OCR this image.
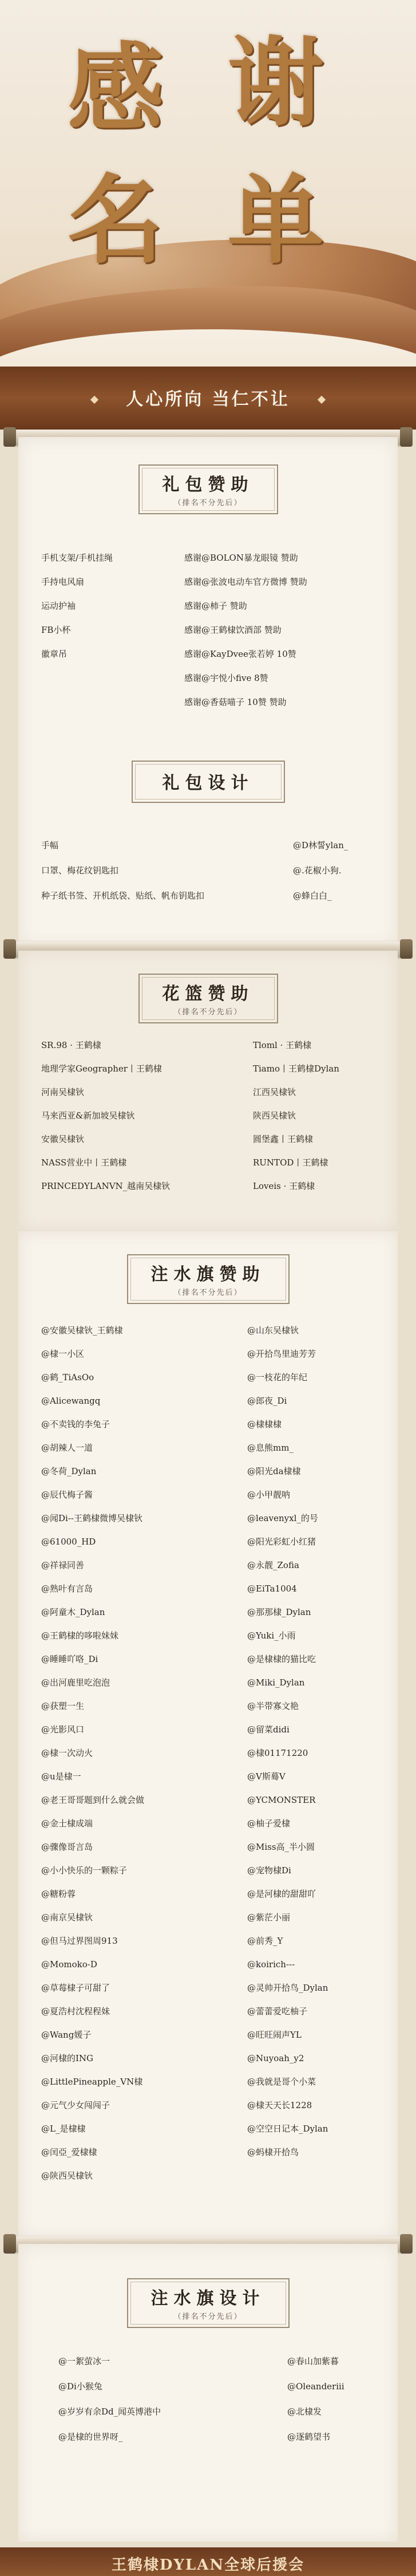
感 谢
名 单
人心所向 当仁不让
礼包赞助
（排名不分先后）
手机支架/手机挂绳
手持电风扇
运动护袖
FB小杯
徽章吊
感谢@BOLON暴龙眼镜 赞助
感谢@张波电动车官方微博 赞助
感谢@柿子 赞助
感谢@王鹤棣饮酒部 赞助
感谢@KayDvee张若婷 10赞
感谢@宇悦小five 8赞
感谢@香菇喵子 10赞 赞助
礼包设计
手幅
口罩、梅花纹钥匙扣
种子纸书签、开机纸袋、贴纸、帆布钥匙扣
@D林誓ylan_
@.花椒小狗.
@蜂白白_
花篮赞助
（排名不分先后）
SR.98 · 王鹤棣
地理学家Geographer丨王鹤棣
河南吴棣钬
马来西亚&新加坡吴棣钬
安徽吴棣钬
NASS营业中丨王鹤棣
PRINCEDYLANVN_越南吴棣钬
Tloml · 王鹤棣
Tiamo丨王鹤棣Dylan
江西吴棣钬
陕西吴棣钬
圆堡鑫丨王鹤棣
RUNTOD丨王鹤棣
Loveis · 王鹤棣
注水旗赞助
（排名不分先后）
@安徽吴棣钬_王鹤棣
@棣一小区
@鹤_TiAsOo
@Alicewangq
@不卖钱的李兔子
@胡辣人一道
@冬荷_Dylan
@辰代梅子酱
@闻Di--王鹤棣微博吴棣钬
@61000_HD
@祥禄同善
@熟叶有言岛
@阿童木_Dylan
@王鹤棣的哆啦妹妹
@睡睡吖咯_Di
@出河鹿里吃泡泡
@获塑一生
@光影风口
@棣一次动火
@u是棣一
@老王哥哥题到什么就会做
@金士棣成端
@骤像哥言岛
@小小快乐的一颗粽子
@糖粉蓉
@南京吴棣钬
@但马过界图周913
@Momoko-D
@草莓棣子可甜了
@夏浩村沈程程妹
@Wang媛子
@河棣的ING
@LittlePineapple_VN棣
@元气少女闯闯子
@L_是棣棣
@闰亞_爱棣棣
@陕西吴棣钬
@山东吴棣钬
@开拾鸟里迪芳芳
@一枝花的年纪
@郎夜_Di
@棣棣棣
@息熊mm_
@阳光da棣棣
@小甲靓呐
@leavenyxl_的号
@阳光彩虹小红猪
@永靓_Zofia
@EiTa1004
@那那棣_Dylan
@Yuki_小雨
@是棣棣的猫比吃
@Miki_Dylan
@半带寡文艳
@留菜didi
@棣01171220
@V斯蓦V
@YCMONSTER
@柚子爱棣
@Miss高_半小圆
@宠物棣Di
@是河棣的甜甜吖
@紫茫小丽
@前秀_Y
@koirich---
@灵帅开拾鸟_Dylan
@蕾蕾爱吃柚子
@旺旺闹声YL
@Nuyoah_y2
@我就是哥个小菜
@棣天天长1228
@空空日记本_Dylan
@蚂棣开拾鸟
注水旗设计
（排名不分先后）
@一絮萤冰一
@Di小猴兔
@岁岁有余Dd_闻英博港中
@是棣的世界呀_
@春山加紫暮
@Oleanderiii
@北棣发
@逐鹤望书
王鹤棣DYLAN全球后援会
